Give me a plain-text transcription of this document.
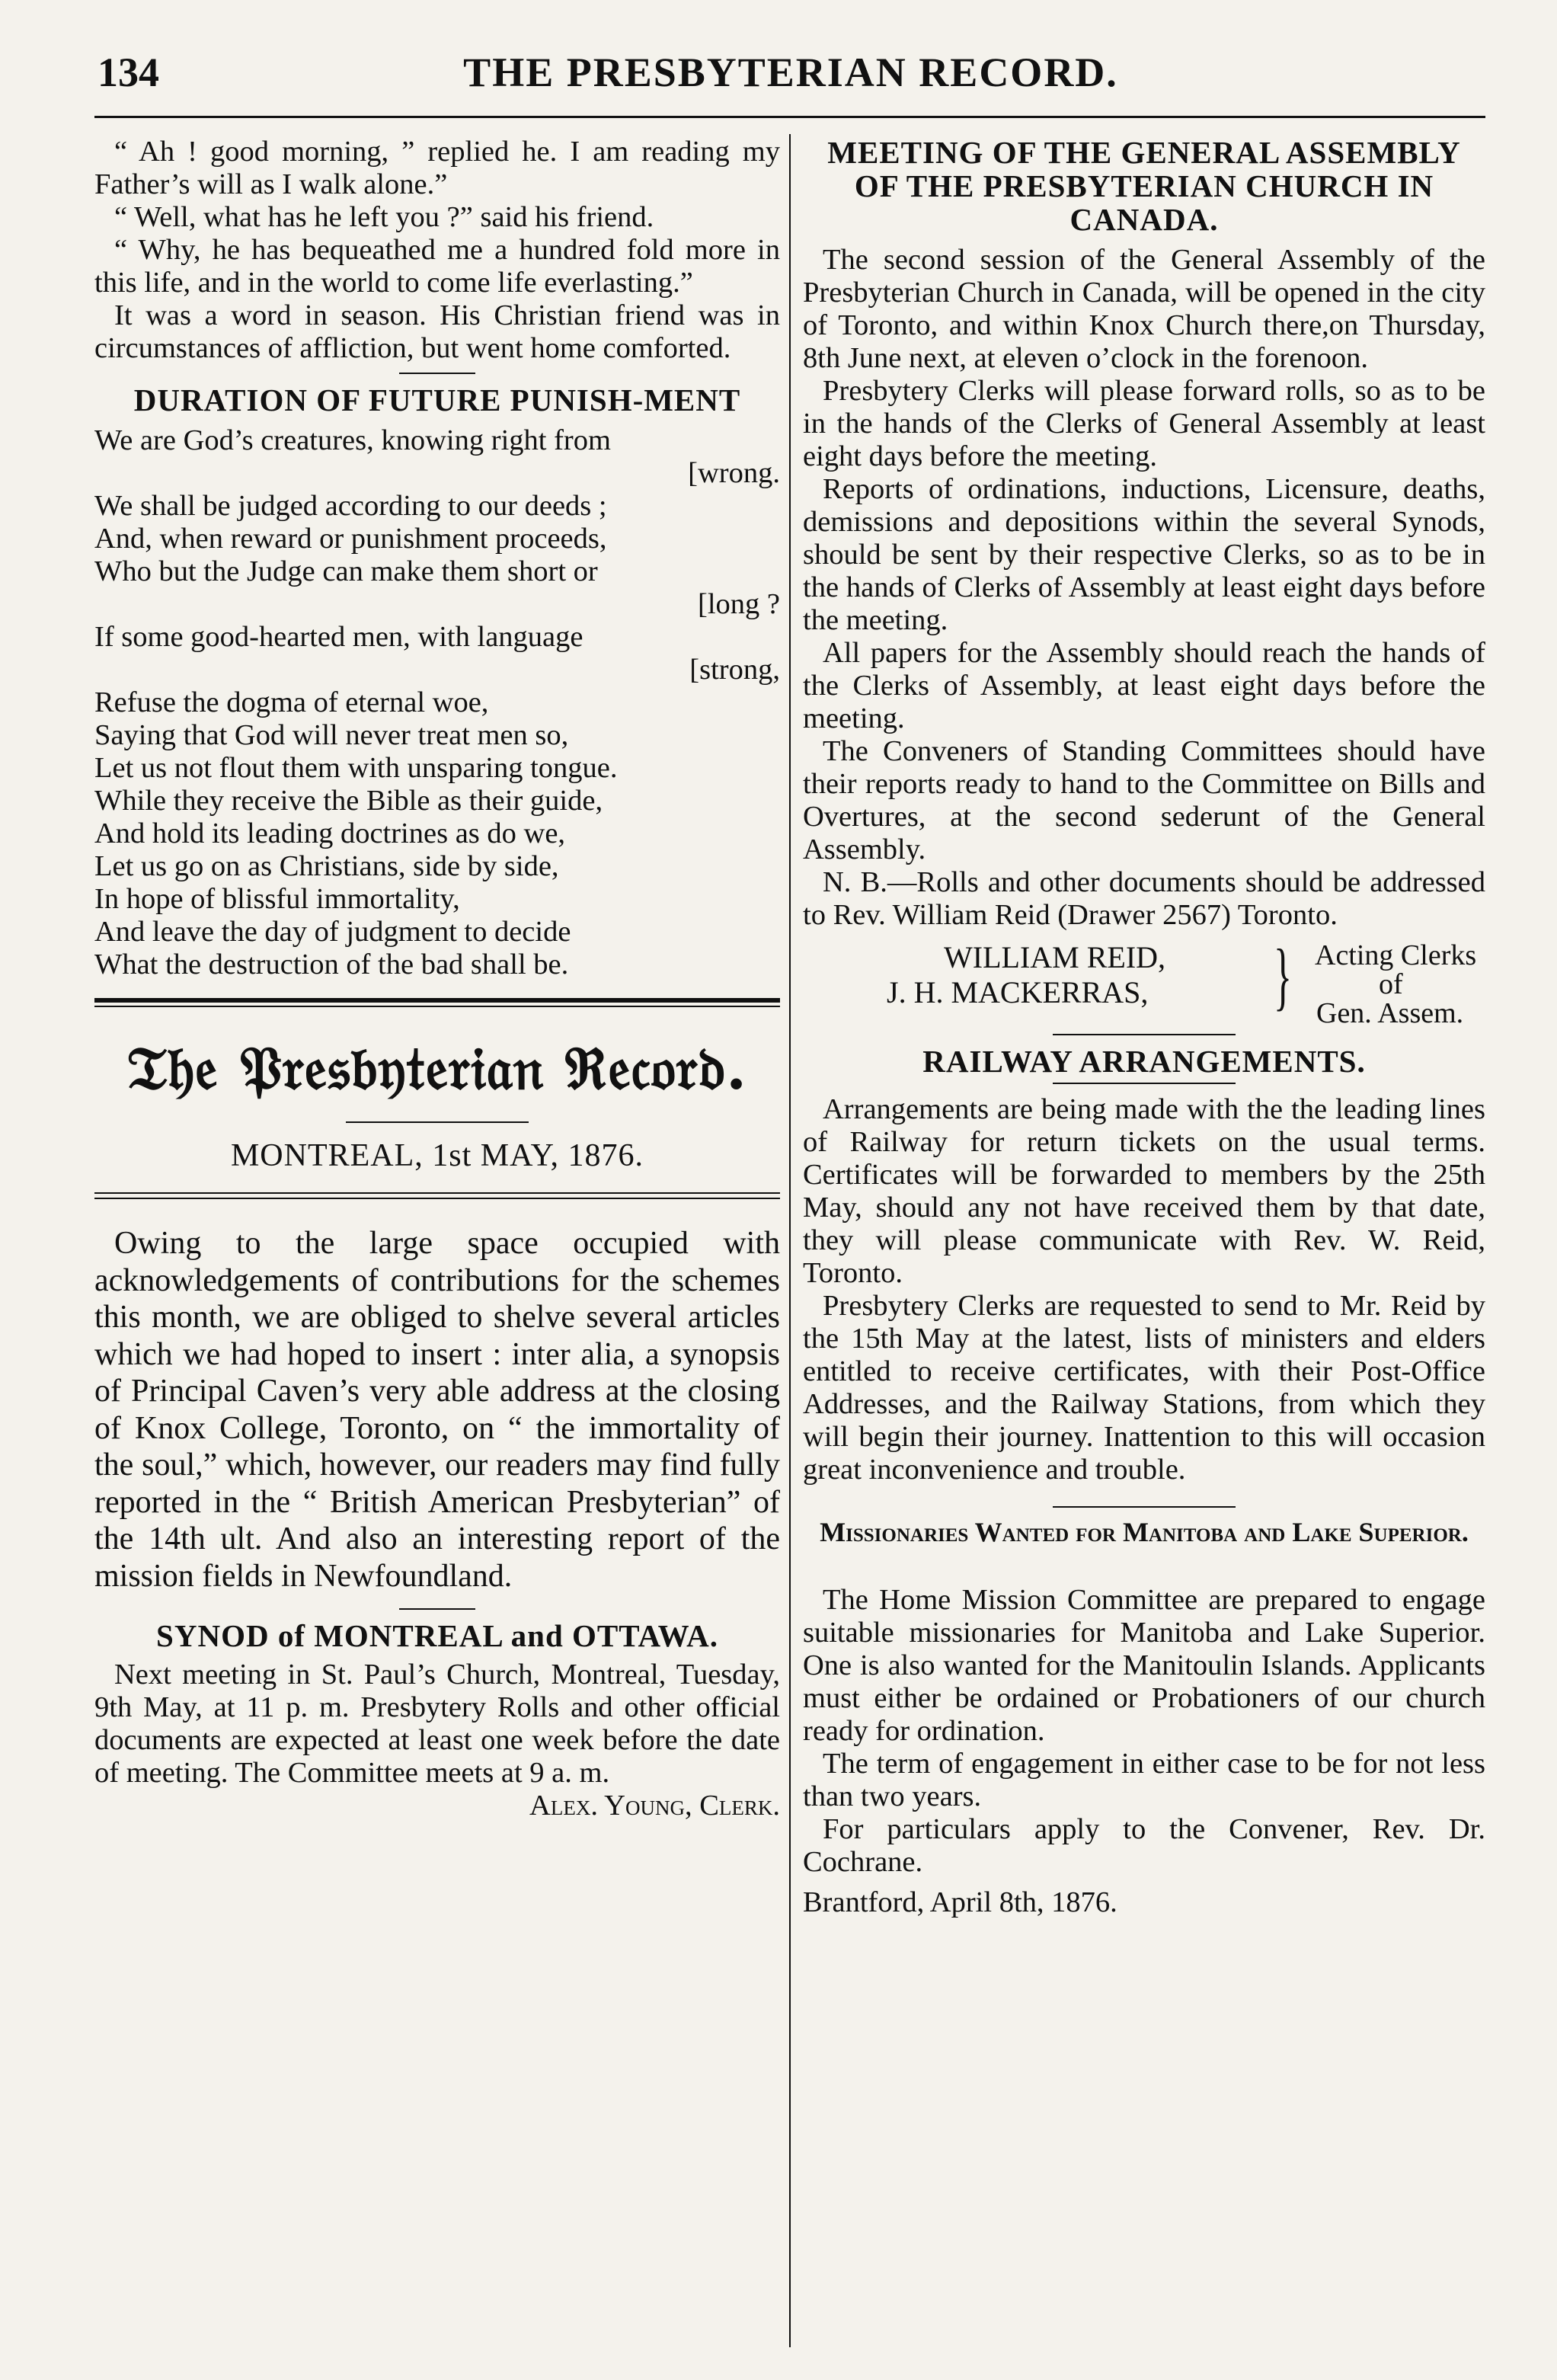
134	THE PRESBYTERIAN RECORD.

“ Ah ! good morning, ” replied he. I am reading my Father’s will as I walk alone.”

“ Well, what has he left you ?” said his friend.

“ Why, he has bequeathed me a hundred fold more in this life, and in the world to come life everlasting.”

It was a word in season. His Christian friend was in circumstances of affliction, but went home comforted.

DURATION OF FUTURE PUNISH-MENT

We are God’s creatures, knowing right from

[wrong.

We shall be judged according to our deeds ;

And, when reward or punishment proceeds,

Who but the Judge can make them short or

[long ?

If some good-hearted men, with language

[strong,

Refuse the dogma of eternal woe,

Saying that God will never treat men so,

Let us not flout them with unsparing tongue.

While they receive the Bible as their guide,

And hold its leading doctrines as do we,

Let us go on as Christians, side by side,

In hope of blissful immortality,

And leave the day of judgment to decide

What the destruction of the bad shall be.

𝔗𝔥𝔢 𝔓𝔯𝔢𝔰𝔟𝔶𝔱𝔢𝔯𝔦𝔞𝔫 ℜ𝔢𝔠𝔬𝔯𝔡.
MONTREAL, 1st MAY, 1876.

Owing to the large space occupied with acknowledgements of contributions for the schemes this month, we are obliged to shelve several articles which we had hoped to insert : inter alia, a synopsis of Principal Caven’s very able address at the closing of Knox College, Toronto, on “ the immortality of the soul,” which, however, our readers may find fully reported in the “ British American Presbyterian” of the 14th ult. And also an interesting report of the mission fields in Newfoundland.

SYNOD of MONTREAL and OTTAWA.

Next meeting in St. Paul’s Church, Montreal, Tuesday, 9th May, at 11 p. m. Presbytery Rolls and other official documents are expected at least one week before the date of meeting. The Committee meets at 9 a. m.

Alex. Young, Clerk.

MEETING OF THE GENERAL ASSEMBLY OF THE PRESBYTERIAN CHURCH IN CANADA.

The second session of the General Assembly of the Presbyterian Church in Canada, will be opened in the city of Toronto, and within Knox Church there,on Thursday, 8th June next, at eleven o’clock in the forenoon.

Presbytery Clerks will please forward rolls, so as to be in the hands of the Clerks of General Assembly at least eight days before the meeting.

Reports of ordinations, inductions, Licensure, deaths, demissions and depositions within the several Synods, should be sent by their respective Clerks, so as to be in the hands of Clerks of Assembly at least eight days before the meeting.

All papers for the Assembly should reach the hands of the Clerks of Assembly, at least eight days before the meeting.

The Conveners of Standing Committees should have their reports ready to hand to the Committee on Bills and Overtures, at the second sederunt of the General Assembly.

N. B.—Rolls and other documents should be addressed to Rev. William Reid (Drawer 2567) Toronto.

WILLIAM REID,
J. H. MACKERRAS, } Acting Clerks
of
Gen. Assem.
RAILWAY ARRANGEMENTS.

Arrangements are being made with the the leading lines of Railway for return tickets on the usual terms. Certificates will be forwarded to members by the 25th May, should any not have received them by that date, they will please communicate with Rev. W. Reid, Toronto.

Presbytery Clerks are requested to send to Mr. Reid by the 15th May at the latest, lists of ministers and elders entitled to receive certificates, with their Post-Office Addresses, and the Railway Stations, from which they will begin their journey. Inattention to this will occasion great inconvenience and trouble.

Missionaries Wanted for Manitoba and Lake Superior.

The Home Mission Committee are prepared to engage suitable missionaries for Manitoba and Lake Superior. One is also wanted for the Manitoulin Islands. Applicants must either be ordained or Probationers of our church ready for ordination.

The term of engagement in either case to be for not less than two years.

For particulars apply to the Convener, Rev. Dr. Cochrane.

Brantford, April 8th, 1876.
